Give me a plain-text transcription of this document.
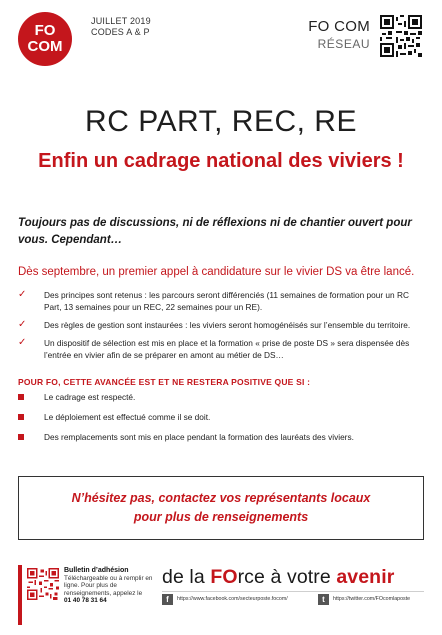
FO
COM
JUILLET 2019
CODES A & P	FO COM
RÉSEAU
RC PART, REC, RE
Enfin un cadrage national des viviers !
Toujours pas de discussions, ni de réflexions ni de chantier ouvert pour vous. Cependant…
Dès septembre, un premier appel à candidature sur le vivier DS va être lancé.
✓ Des principes sont retenus : les parcours seront différenciés (11 semaines de formation pour un RC Part, 13 semaines pour un REC, 22 semaines pour un RE).
✓ Des règles de gestion sont instaurées : les viviers seront homogénéisés sur l’ensemble du territoire.
✓ Un dispositif de sélection est mis en place et la formation « prise de poste DS » sera dispensée dès l’entrée en vivier afin de se préparer en amont au métier de DS…
POUR FO, CETTE AVANCÉE EST ET NE RESTERA POSITIVE QUE SI :
Le cadrage est respecté.
Le déploiement est effectué comme il se doit.
Des remplacements sont mis en place pendant la formation des lauréats des viviers.
N’hésitez pas, contactez vos représentants locaux
pour plus de renseignements
Bulletin d’adhésion
Téléchargeable ou à remplir en ligne. Pour plus de renseignements, appelez le
01 40 78 31 64
de la FOrce à votre avenir
f	https://www.facebook.com/secteurposte.focom/	t	https://twitter.com/FOcomlaposte
